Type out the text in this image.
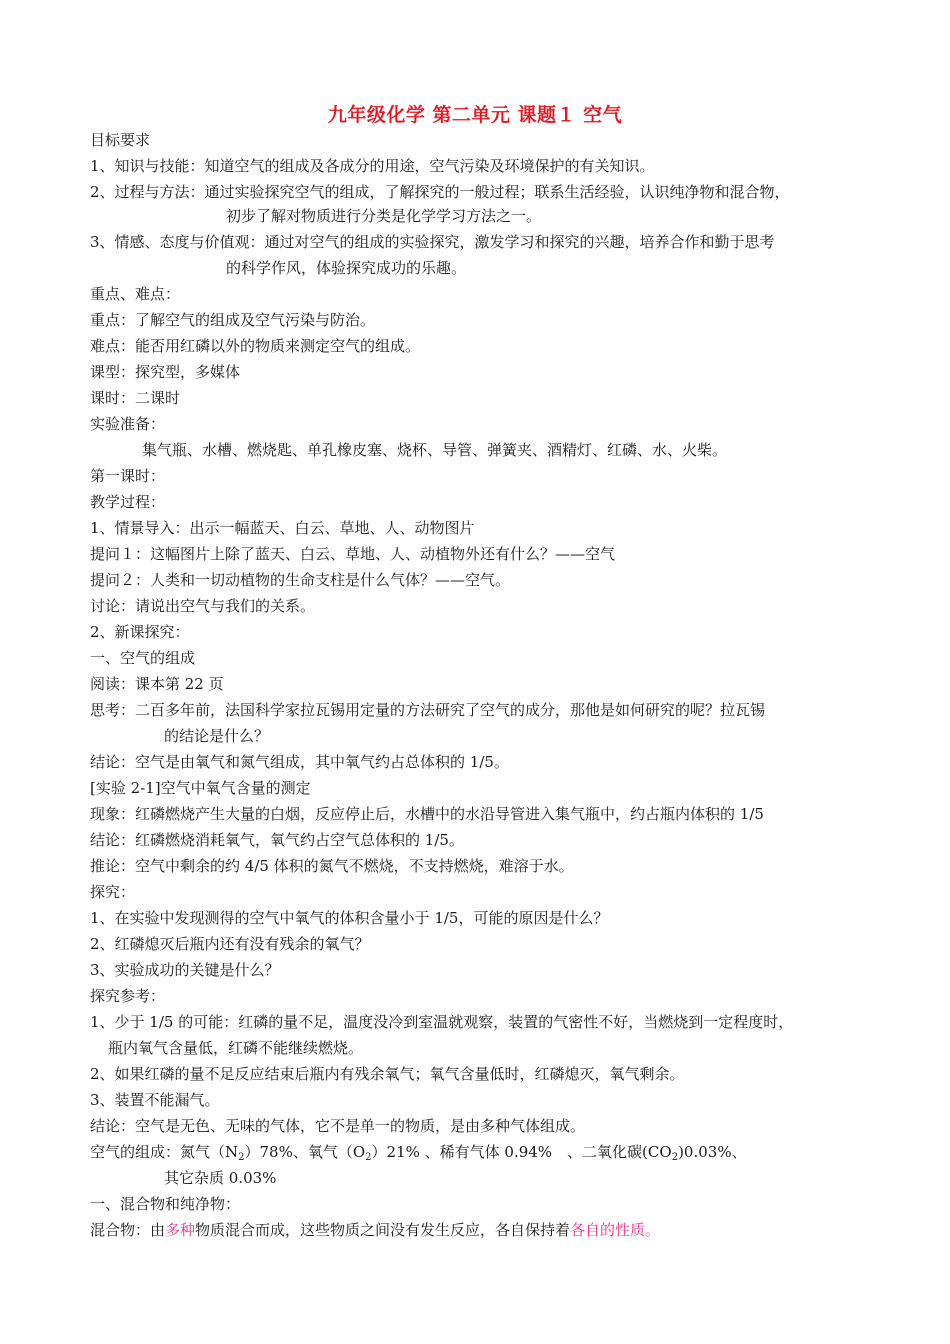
九年级化学 第二单元 课题１ 空气
目标要求
1、知识与技能：知道空气的组成及各成分的用途，空气污染及环境保护的有关知识。
2、过程与方法：通过实验探究空气的组成，了解探究的一般过程；联系生活经验，认识纯净物和混合物，
初步了解对物质进行分类是化学学习方法之一。
3、情感、态度与价值观：通过对空气的组成的实验探究，激发学习和探究的兴趣，培养合作和勤于思考
的科学作风，体验探究成功的乐趣。
重点、难点：
重点：了解空气的组成及空气污染与防治。
难点：能否用红磷以外的物质来测定空气的组成。
课型：探究型，多媒体
课时：二课时
实验准备：
集气瓶、水槽、燃烧匙、单孔橡皮塞、烧杯、导管、弹簧夹、酒精灯、红磷、水、火柴。
第一课时：
教学过程：
1、情景导入：出示一幅蓝天、白云、草地、人、动物图片
提问１：这幅图片上除了蓝天、白云、草地、人、动植物外还有什么？——空气
提问２：人类和一切动植物的生命支柱是什么气体？——空气。
讨论：请说出空气与我们的关系。
2、新课探究：
一、空气的组成
阅读：课本第 22 页
思考：二百多年前，法国科学家拉瓦锡用定量的方法研究了空气的成分，那他是如何研究的呢？拉瓦锡
的结论是什么？
结论：空气是由氧气和氮气组成，其中氧气约占总体积的 1/5。
[实验 2-1]空气中氧气含量的测定
现象：红磷燃烧产生大量的白烟，反应停止后，水槽中的水沿导管进入集气瓶中，约占瓶内体积的 1/5
结论：红磷燃烧消耗氧气，氧气约占空气总体积的 1/5。
推论：空气中剩余的约 4/5 体积的氮气不燃烧，不支持燃烧，难溶于水。
探究：
1、在实验中发现测得的空气中氧气的体积含量小于 1/5，可能的原因是什么？
2、红磷熄灭后瓶内还有没有残余的氧气？
3、实验成功的关键是什么？
探究参考：
1、少于 1/5 的可能：红磷的量不足，温度没冷到室温就观察，装置的气密性不好，当燃烧到一定程度时，
瓶内氧气含量低，红磷不能继续燃烧。
2、如果红磷的量不足反应结束后瓶内有残余氧气；氧气含量低时，红磷熄灭，氧气剩余。
3、装置不能漏气。
结论：空气是无色、无味的气体，它不是单一的物质，是由多种气体组成。
空气的组成：氮气$(N_2)78\%$、氧气$(O_2)21\%$ 、稀有气体 0.94%　、二氧化碳$(CO_2)0.03\%$、
其它杂质 0.03%
一、混合物和纯净物：
混合物：由多种物质混合而成，这些物质之间没有发生反应，各自保持着各自的性质。
